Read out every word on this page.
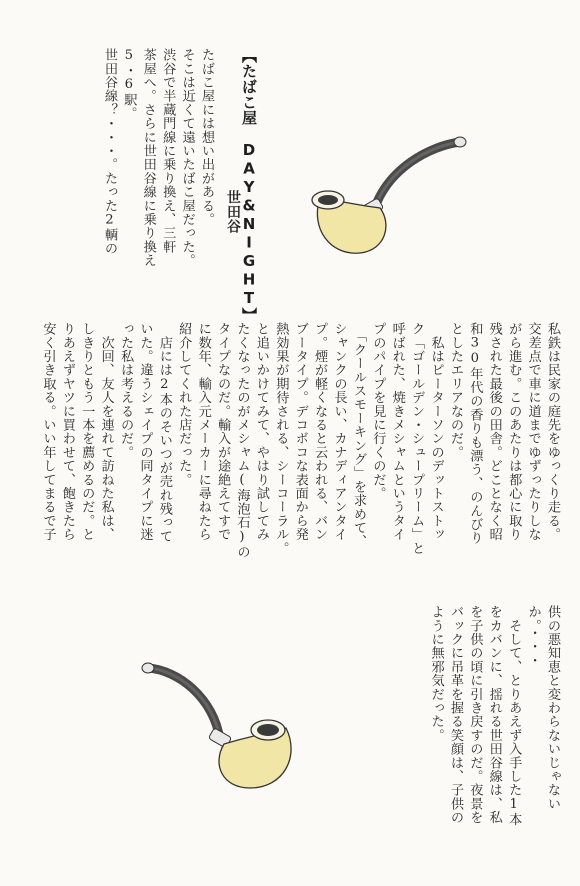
【たばこ屋　DAY&NIGHT】
世田谷
たばこ屋には想い出がある。
そこは近くて遠いたばこ屋だった。
渋谷で半蔵門線に乗り換え、三軒
茶屋へ。さらに世田谷線に乗り換え
5・6駅。
世田谷線？・・・。たった2輌の
私鉄は民家の庭先をゆっくり走る。
交差点で車に道までゆずったりしな
がら進む。このあたりは都心に取り
残された最後の田舎。どことなく昭
和30年代の香りも漂う、のんびり
としたエリアなのだ。
　私はピーターソンのデットストッ
ク「ゴールデン・シュープリーム」と
呼ばれた、焼きメシャムというタイ
プのパイプを見に行くのだ。
　「クールスモーキング」を求めて、
シャンクの長い、カナディアンタイ
プ。煙が軽くなると云われる、バン
ブータイプ。デコボコな表面から発
熱効果が期待される、シーコーラル。
と追いかけてみて、やはり試してみ
たくなったのがメシャム(海泡石)の
タイプなのだ。輸入が途絶えてすで
に数年、輸入元メーカーに尋ねたら
紹介してくれた店だった。
　店には2本のそいつが売れ残って
いた。違うシェイプの同タイプに迷
った私は考えるのだ。
　次回、友人を連れて訪ねた私は、
しきりともう一本を薦めるのだ。と
りあえずヤツに買わせて、飽きたら
安く引き取る。いい年してまるで子
供の悪知恵と変わらないじゃない
か。・・・
　そして、とりあえず入手した1本
をカバンに、揺れる世田谷線は、私
を子供の頃に引き戻すのだ。夜景を
バックに吊革を握る笑顔は、子供の
ように無邪気だった。
